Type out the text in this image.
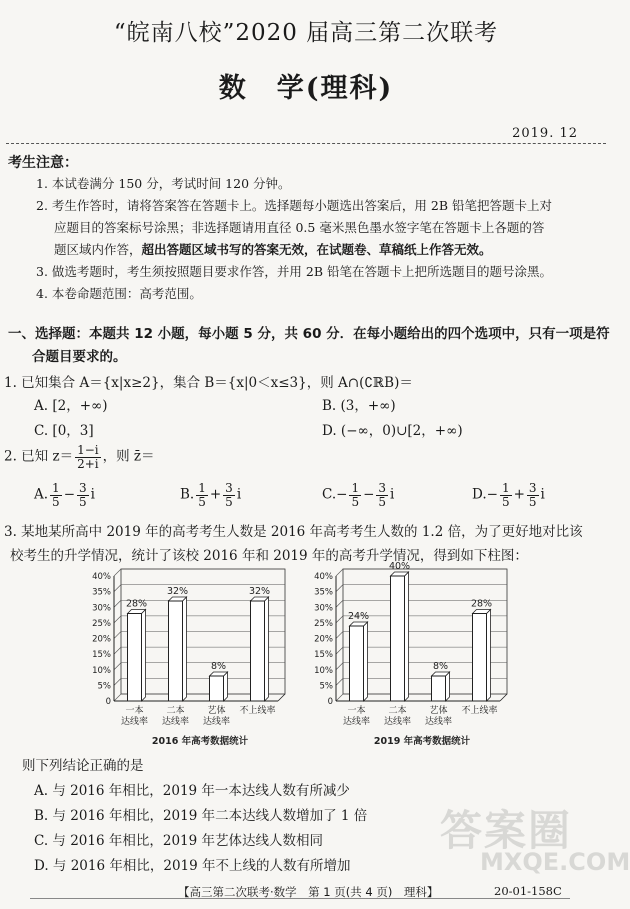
“皖南八校”2020 届高三第二次联考
数　学(理科)
2019. 12
考生注意：
1. 本试卷满分 150 分，考试时间 120 分钟。
2. 考生作答时，请将答案答在答题卡上。选择题每小题选出答案后，用 2B 铅笔把答题卡上对
应题目的答案标号涂黑；非选择题请用直径 0.5 毫米黑色墨水签字笔在答题卡上各题的答
题区域内作答，超出答题区域书写的答案无效，在试题卷、草稿纸上作答无效。
3. 做选考题时，考生须按照题目要求作答，并用 2B 铅笔在答题卡上把所选题目的题号涂黑。
4. 本卷命题范围：高考范围。
一、选择题：本题共 12 小题，每小题 5 分，共 60 分．在每小题给出的四个选项中，只有一项是符
合题目要求的。
1. 已知集合 A＝{x|x≥2}，集合 B＝{x|0＜x≤3}，则 A∩(∁ℝB)＝
A. [2，+∞)	B. (3，+∞)
C. [0，3]	D. (−∞，0)∪[2，+∞)
2. 已知 $z= \frac{1-i}{2+i}$ ，则 z̄＝
A. $\frac{1}{5} - \frac{3}{5}$ i	B. $\frac{1}{5} + \frac{3}{5}$ i	$C.- \frac{1}{5} - \frac{3}{5}$ i	$D.- \frac{1}{5} + \frac{3}{5}$ i
3. 某地某所高中 2019 年的高考考生人数是 2016 年高考考生人数的 1.2 倍，为了更好地对比该
校考生的升学情况，统计了该校 2016 年和 2019 年的高考升学情况，得到如下柱图：
0
5%
10%
15%
20%
25%
30%
35%
40%
28%
一本
达线率
32%
二本
达线率
8%
艺体
达线率
32%
不上线率
2016 年高考数据统计
0
5%
10%
15%
20%
25%
30%
35%
40%
24%
一本
达线率
40%
二本
达线率
8%
艺体
达线率
28%
不上线率
2019 年高考数据统计
则下列结论正确的是
A. 与 2016 年相比，2019 年一本达线人数有所减少
B. 与 2016 年相比，2019 年二本达线人数增加了 1 倍
C. 与 2016 年相比，2019 年艺体达线人数相同
D. 与 2016 年相比，2019 年不上线的人数有所增加
答案圈
MXQE.COM
【高三第二次联考·数学　第 1 页(共 4 页)　理科】	20-01-158C
